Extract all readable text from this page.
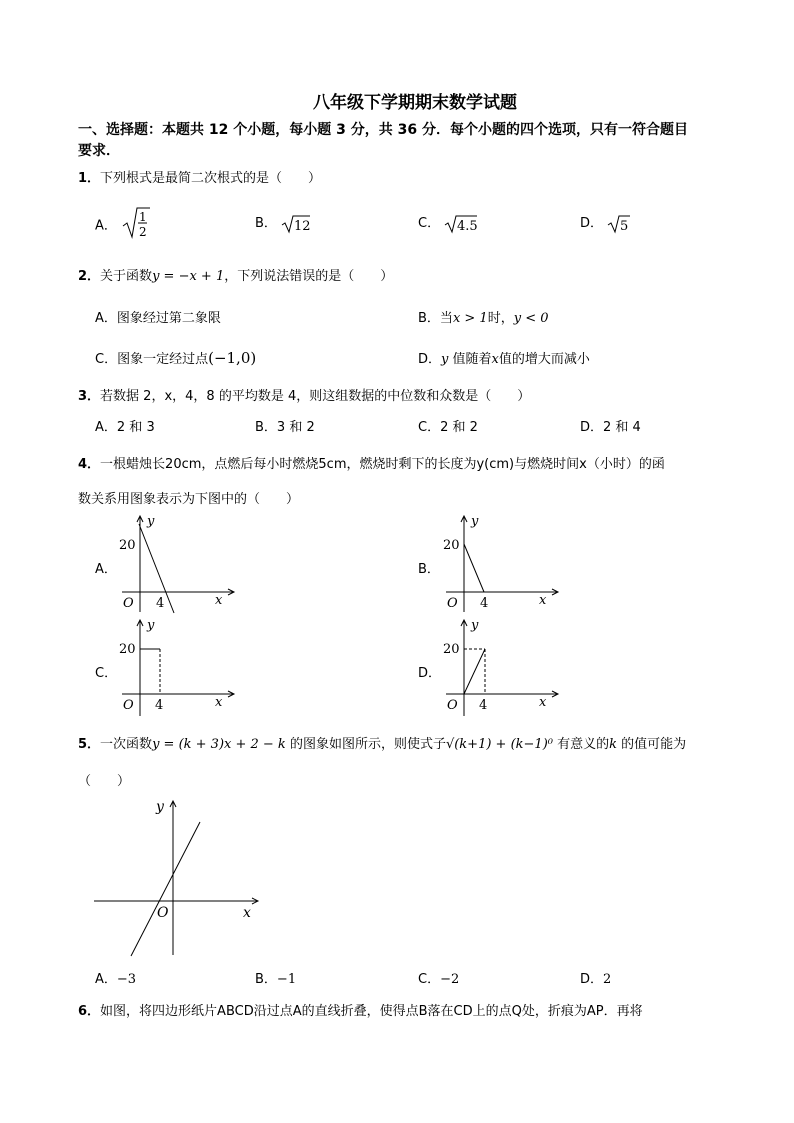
八年级下学期期末数学试题
一、选择题：本题共 12 个小题，每小题 3 分，共 36 分．每个小题的四个选项，只有一符合题目
要求．
1．下列根式是最简二次根式的是（　　）
A．
1
2
B． 12	C． 4.5	D． 5
2．关于函数y = −x + 1，下列说法错误的是（　　）
A．图象经过第二象限	B．当x > 1时，y < 0
C．图象一定经过点(−1,0)	D．y 值随着x值的增大而减小
3．若数据 2，x，4，8 的平均数是 4，则这组数据的中位数和众数是（　　）
A．2 和 3	B．3 和 2	C．2 和 2	D．2 和 4
4．一根蜡烛长20cm，点燃后每小时燃烧5cm，燃烧时剩下的长度为y(cm)与燃烧时间x（小时）的函
数关系用图象表示为下图中的（　　）
A．	B．
C．	D．
y
20
O 4	x
y
20
O 4	x
y
20
O 4	x
y
20
O 4	x
5．一次函数y = (k + 3)x + 2 − k 的图象如图所示，则使式子√(k+1) + (k−1)⁰ 有意义的k 的值可能为
（　　）
y
O	x
A．−3	B．−1	C．−2	D．2
6．如图，将四边形纸片ABCD沿过点A的直线折叠，使得点B落在CD上的点Q处，折痕为AP．再将
